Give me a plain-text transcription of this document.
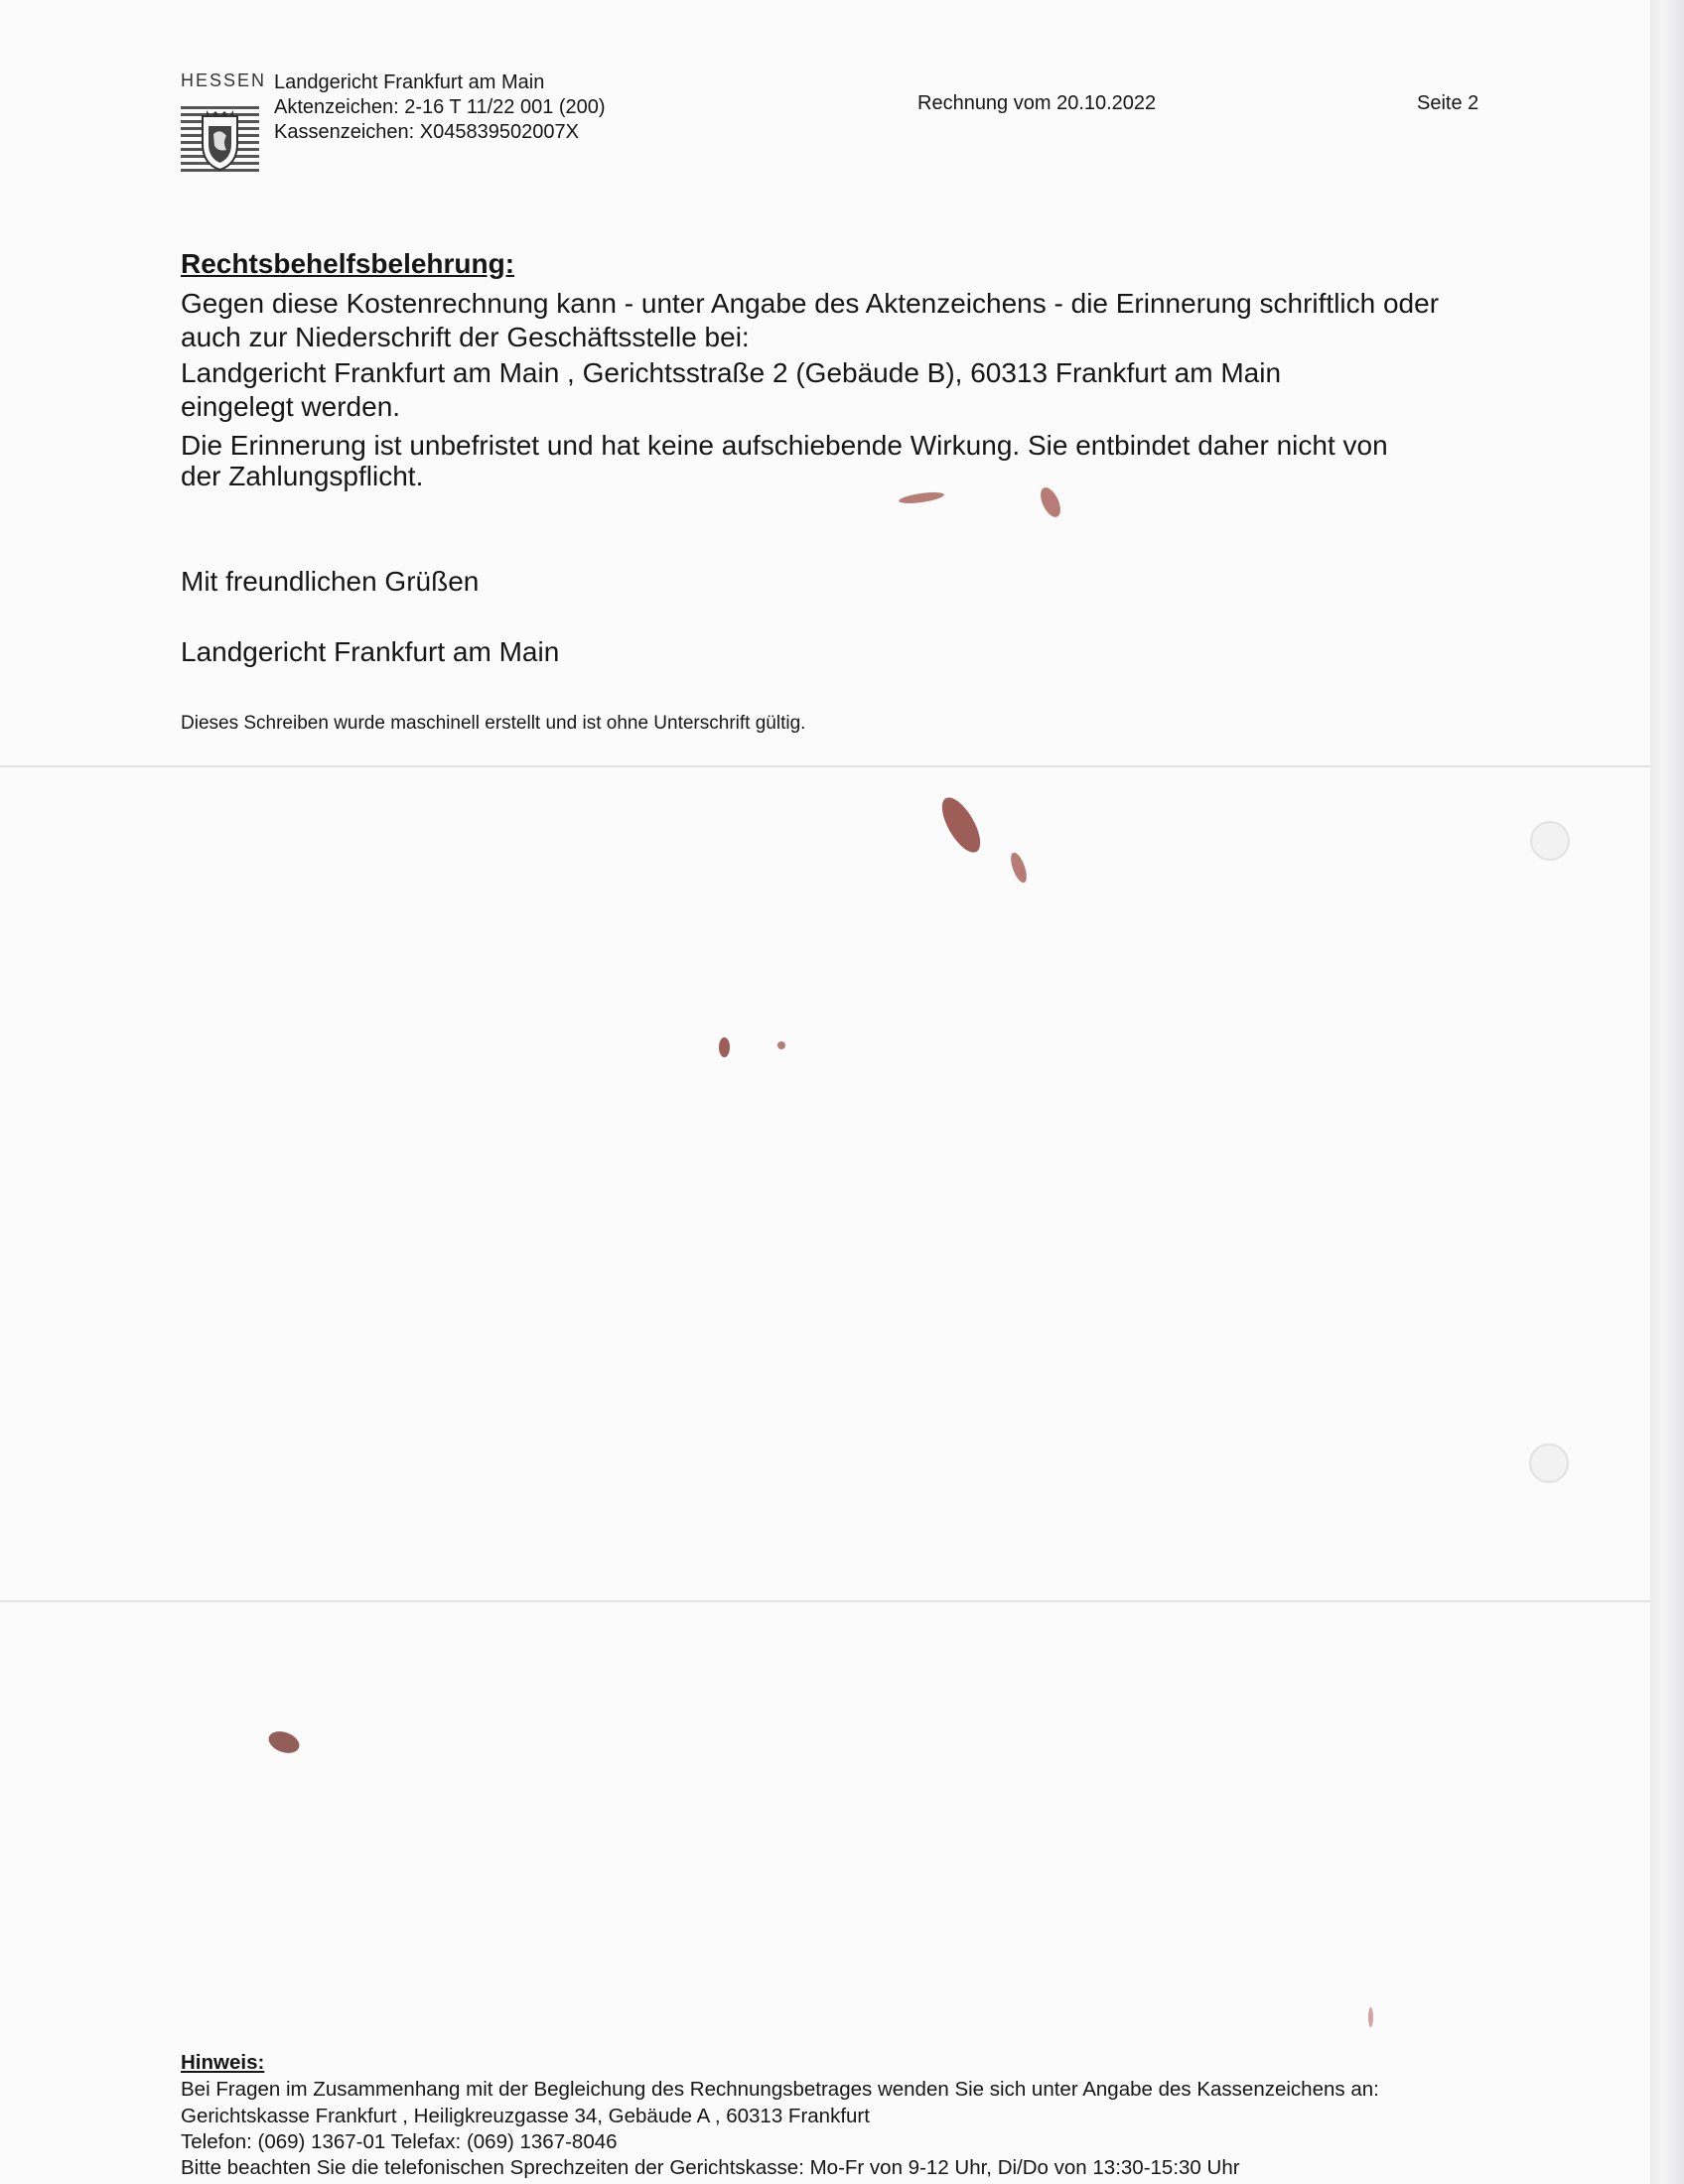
HESSEN Landgericht Frankfurt am Main
Aktenzeichen: 2-16 T 11/22 001 (200)
Kassenzeichen: X045839502007X
Rechnung vom 20.10.2022	Seite 2
Rechtsbehelfsbelehrung:
Gegen diese Kostenrechnung kann - unter Angabe des Aktenzeichens - die Erinnerung schriftlich oder
auch zur Niederschrift der Geschäftsstelle bei:
Landgericht Frankfurt am Main , Gerichtsstraße 2 (Gebäude B), 60313 Frankfurt am Main
eingelegt werden.
Die Erinnerung ist unbefristet und hat keine aufschiebende Wirkung. Sie entbindet daher nicht von
der Zahlungspflicht.
Mit freundlichen Grüßen
Landgericht Frankfurt am Main
Dieses Schreiben wurde maschinell erstellt und ist ohne Unterschrift gültig.
Hinweis:
Bei Fragen im Zusammenhang mit der Begleichung des Rechnungsbetrages wenden Sie sich unter Angabe des Kassenzeichens an:
Gerichtskasse Frankfurt , Heiligkreuzgasse 34, Gebäude A , 60313 Frankfurt
Telefon: (069) 1367-01 Telefax: (069) 1367-8046
Bitte beachten Sie die telefonischen Sprechzeiten der Gerichtskasse: Mo-Fr von 9-12 Uhr, Di/Do von 13:30-15:30 Uhr
